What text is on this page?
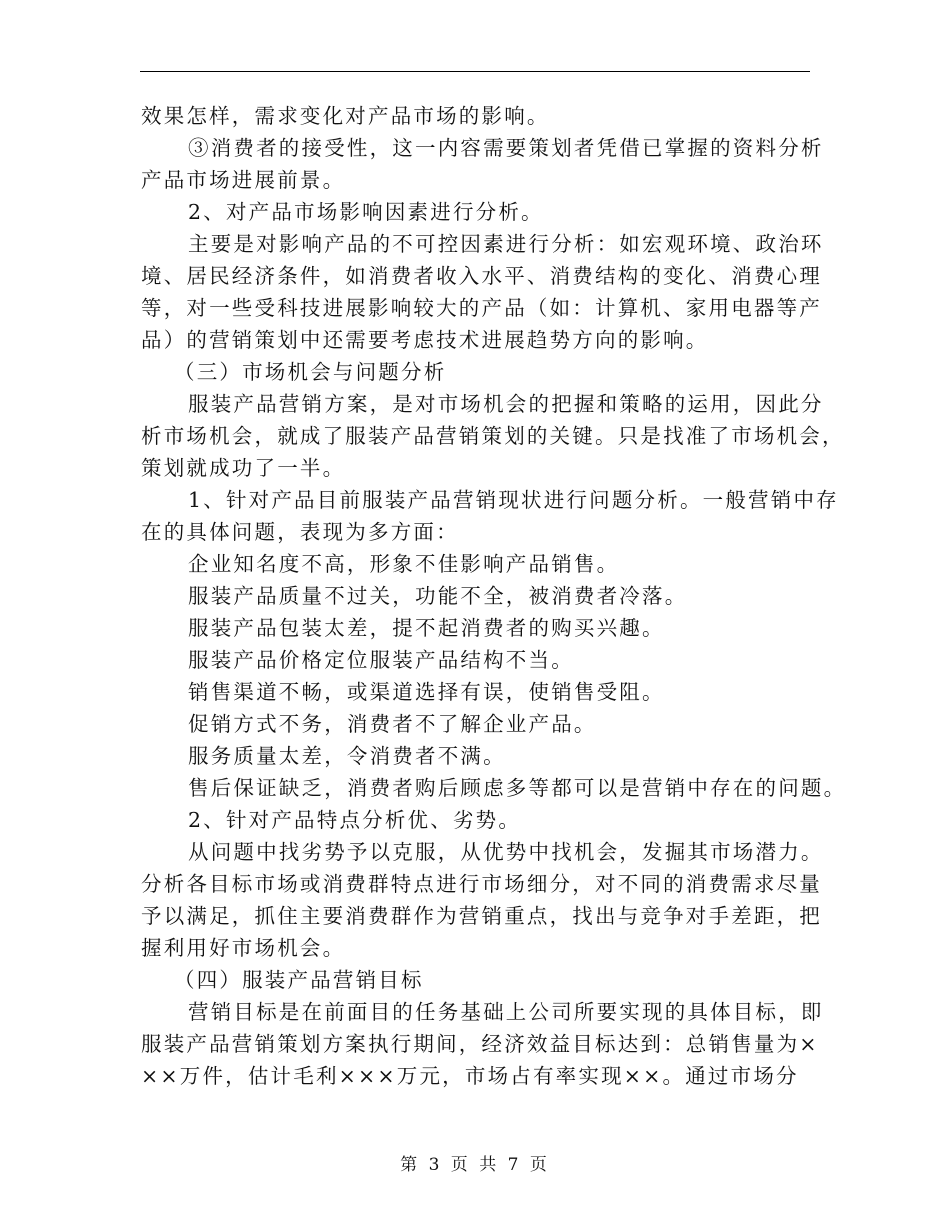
效果怎样，需求变化对产品市场的影响。
③消费者的接受性，这一内容需要策划者凭借已掌握的资料分析
产品市场进展前景。
2、对产品市场影响因素进行分析。
主要是对影响产品的不可控因素进行分析：如宏观环境、政治环
境、居民经济条件，如消费者收入水平、消费结构的变化、消费心理
等，对一些受科技进展影响较大的产品（如：计算机、家用电器等产
品）的营销策划中还需要考虑技术进展趋势方向的影响。
（三）市场机会与问题分析
服装产品营销方案，是对市场机会的把握和策略的运用，因此分
析市场机会，就成了服装产品营销策划的关键。只是找准了市场机会，
策划就成功了一半。
1、针对产品目前服装产品营销现状进行问题分析。一般营销中存
在的具体问题，表现为多方面：
企业知名度不高，形象不佳影响产品销售。
服装产品质量不过关，功能不全，被消费者冷落。
服装产品包装太差，提不起消费者的购买兴趣。
服装产品价格定位服装产品结构不当。
销售渠道不畅，或渠道选择有误，使销售受阻。
促销方式不务，消费者不了解企业产品。
服务质量太差，令消费者不满。
售后保证缺乏，消费者购后顾虑多等都可以是营销中存在的问题。
2、针对产品特点分析优、劣势。
从问题中找劣势予以克服，从优势中找机会，发掘其市场潜力。
分析各目标市场或消费群特点进行市场细分，对不同的消费需求尽量
予以满足，抓住主要消费群作为营销重点，找出与竞争对手差距，把
握利用好市场机会。
（四）服装产品营销目标
营销目标是在前面目的任务基础上公司所要实现的具体目标，即
服装产品营销策划方案执行期间，经济效益目标达到：总销售量为×
××万件，估计毛利×××万元，市场占有率实现××。通过市场分
第 3 页 共 7 页
